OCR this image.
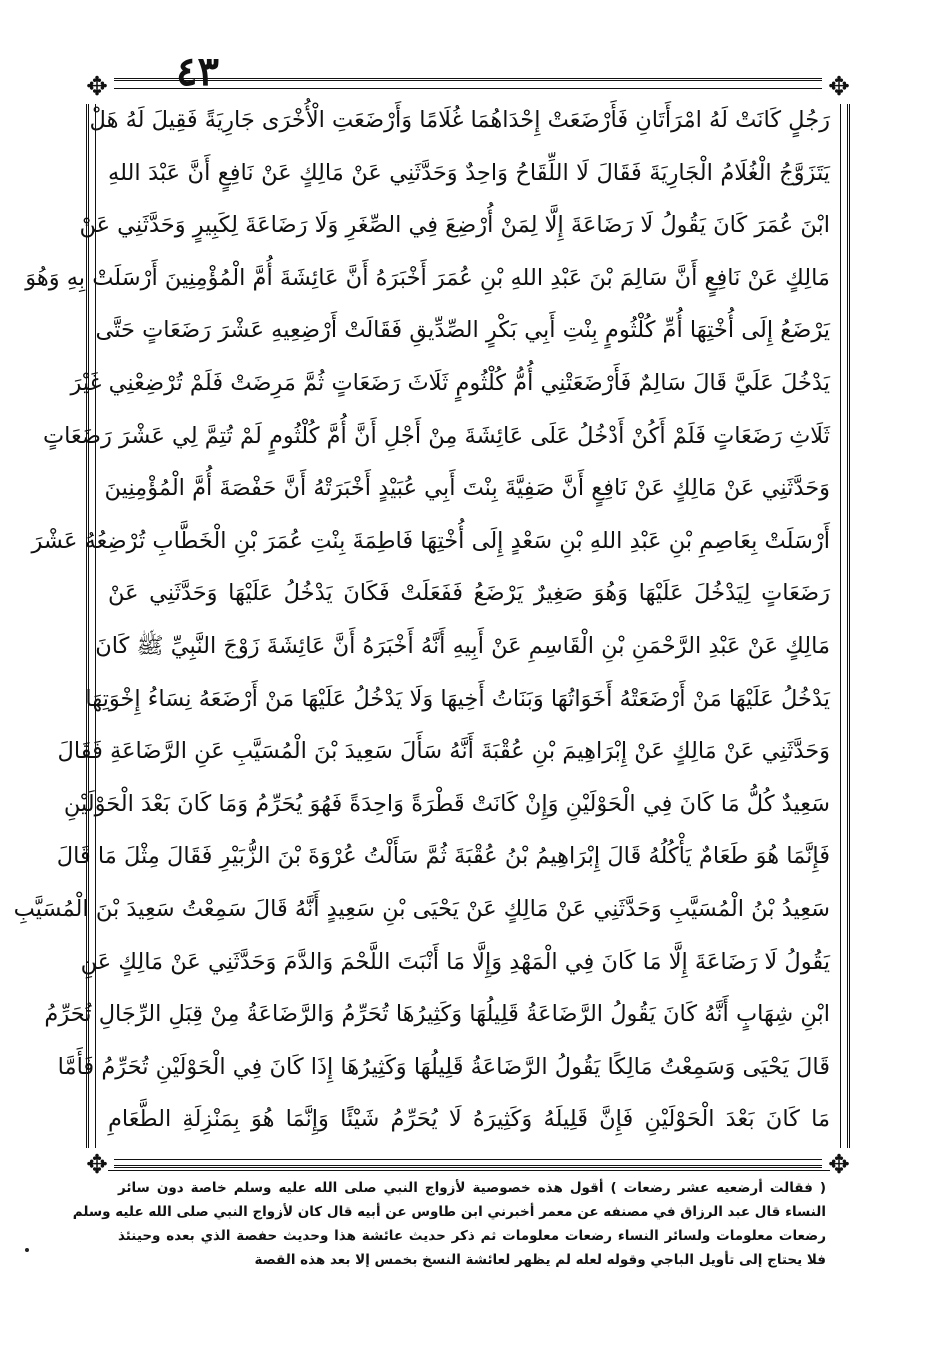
٤٣
✥	✥
✥	✥
رَجُلٍ كَانَتْ لَهُ امْرَأَتَانِ فَأَرْضَعَتْ إِحْدَاهُمَا غُلَامًا وَأَرْضَعَتِ الْأُخْرَى جَارِيَةً فَقِيلَ لَهُ هَلْ
يَتَزَوَّجُ الْغُلَامُ الْجَارِيَةَ فَقَالَ لَا اللِّقَاحُ وَاحِدٌ وَحَدَّثَنِي عَنْ مَالِكٍ عَنْ نَافِعٍ أَنَّ عَبْدَ اللهِ
ابْنَ عُمَرَ كَانَ يَقُولُ لَا رَضَاعَةَ إِلَّا لِمَنْ أُرْضِعَ فِي الصِّغَرِ وَلَا رَضَاعَةَ لِكَبِيرٍ وَحَدَّثَنِي عَنْ
مَالِكٍ عَنْ نَافِعٍ أَنَّ سَالِمَ بْنَ عَبْدِ اللهِ بْنِ عُمَرَ أَخْبَرَهُ أَنَّ عَائِشَةَ أُمَّ الْمُؤْمِنِينَ أَرْسَلَتْ بِهِ وَهُوَ
يَرْضَعُ إِلَى أُخْتِهَا أُمِّ كُلْثُومٍ بِنْتِ أَبِي بَكْرٍ الصِّدِّيقِ فَقَالَتْ أَرْضِعِيهِ عَشْرَ رَضَعَاتٍ حَتَّى
يَدْخُلَ عَلَيَّ قَالَ سَالِمٌ فَأَرْضَعَتْنِي أُمُّ كُلْثُومٍ ثَلَاثَ رَضَعَاتٍ ثُمَّ مَرِضَتْ فَلَمْ تُرْضِعْنِي غَيْرَ
ثَلَاثِ رَضَعَاتٍ فَلَمْ أَكُنْ أَدْخُلُ عَلَى عَائِشَةَ مِنْ أَجْلِ أَنَّ أُمَّ كُلْثُومٍ لَمْ تُتِمَّ لِي عَشْرَ رَضَعَاتٍ
وَحَدَّثَنِي عَنْ مَالِكٍ عَنْ نَافِعٍ أَنَّ صَفِيَّةَ بِنْتَ أَبِي عُبَيْدٍ أَخْبَرَتْهُ أَنَّ حَفْصَةَ أُمَّ الْمُؤْمِنِينَ
أَرْسَلَتْ بِعَاصِمِ بْنِ عَبْدِ اللهِ بْنِ سَعْدٍ إِلَى أُخْتِهَا فَاطِمَةَ بِنْتِ عُمَرَ بْنِ الْخَطَّابِ تُرْضِعُهُ عَشْرَ
رَضَعَاتٍ لِيَدْخُلَ عَلَيْهَا وَهُوَ صَغِيرٌ يَرْضَعُ فَفَعَلَتْ فَكَانَ يَدْخُلُ عَلَيْهَا وَحَدَّثَنِي عَنْ
مَالِكٍ عَنْ عَبْدِ الرَّحْمَنِ بْنِ الْقَاسِمِ عَنْ أَبِيهِ أَنَّهُ أَخْبَرَهُ أَنَّ عَائِشَةَ زَوْجَ النَّبِيِّ ﷺ كَانَ
يَدْخُلُ عَلَيْهَا مَنْ أَرْضَعَتْهُ أَخَوَاتُهَا وَبَنَاتُ أَخِيهَا وَلَا يَدْخُلُ عَلَيْهَا مَنْ أَرْضَعَهُ نِسَاءُ إِخْوَتِهَا
وَحَدَّثَنِي عَنْ مَالِكٍ عَنْ إِبْرَاهِيمَ بْنِ عُقْبَةَ أَنَّهُ سَأَلَ سَعِيدَ بْنَ الْمُسَيَّبِ عَنِ الرَّضَاعَةِ فَقَالَ
سَعِيدٌ كُلُّ مَا كَانَ فِي الْحَوْلَيْنِ وَإِنْ كَانَتْ قَطْرَةً وَاحِدَةً فَهُوَ يُحَرِّمُ وَمَا كَانَ بَعْدَ الْحَوْلَيْنِ
فَإِنَّمَا هُوَ طَعَامٌ يَأْكُلُهُ قَالَ إِبْرَاهِيمُ بْنُ عُقْبَةَ ثُمَّ سَأَلْتُ عُرْوَةَ بْنَ الزُّبَيْرِ فَقَالَ مِثْلَ مَا قَالَ
سَعِيدُ بْنُ الْمُسَيَّبِ وَحَدَّثَنِي عَنْ مَالِكٍ عَنْ يَحْيَى بْنِ سَعِيدٍ أَنَّهُ قَالَ سَمِعْتُ سَعِيدَ بْنَ الْمُسَيَّبِ
يَقُولُ لَا رَضَاعَةَ إِلَّا مَا كَانَ فِي الْمَهْدِ وَإِلَّا مَا أَنْبَتَ اللَّحْمَ وَالدَّمَ وَحَدَّثَنِي عَنْ مَالِكٍ عَنِ
ابْنِ شِهَابٍ أَنَّهُ كَانَ يَقُولُ الرَّضَاعَةُ قَلِيلُهَا وَكَثِيرُهَا تُحَرِّمُ وَالرَّضَاعَةُ مِنْ قِبَلِ الرِّجَالِ تُحَرِّمُ
قَالَ يَحْيَى وَسَمِعْتُ مَالِكًا يَقُولُ الرَّضَاعَةُ قَلِيلُهَا وَكَثِيرُهَا إِذَا كَانَ فِي الْحَوْلَيْنِ تُحَرِّمُ فَأَمَّا
مَا كَانَ بَعْدَ الْحَوْلَيْنِ فَإِنَّ قَلِيلَهُ وَكَثِيرَهُ لَا يُحَرِّمُ شَيْئًا وَإِنَّمَا هُوَ بِمَنْزِلَةِ الطَّعَامِ
( فقالت أرضعيه عشر رضعات ) أقول هذه خصوصية لأزواج النبي صلى الله عليه وسلم خاصة دون سائر
النساء قال عبد الرزاق في مصنفه عن معمر أخبرني ابن طاوس عن أبيه قال كان لأزواج النبي صلى الله عليه وسلم
رضعات معلومات ولسائر النساء رضعات معلومات ثم ذكر حديث عائشة هذا وحديث حفصة الذي بعده وحينئذ
فلا يحتاج إلى تأويل الباجي وقوله لعله لم يظهر لعائشة النسخ بخمس إلا بعد هذه القصة
